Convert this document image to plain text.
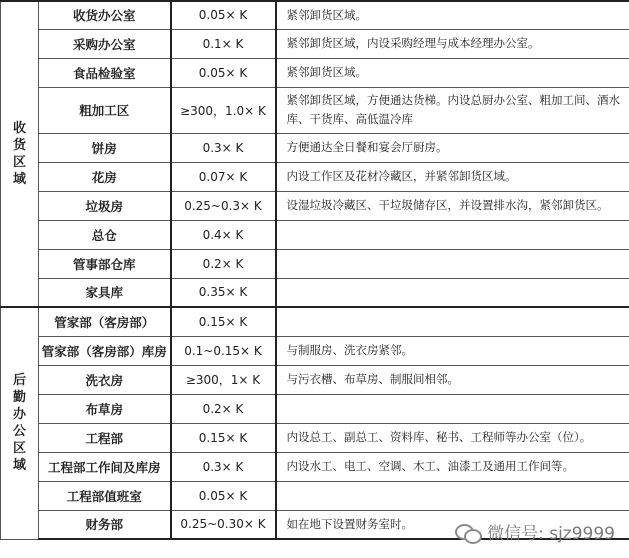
收货区域	收货办公室	0.05× K	紧邻卸货区域。
	采购办公室	0.1× K	紧邻卸货区域，内设采购经理与成本经理办公室。
	食品检验室	0.05× K	紧邻卸货区域。
	粗加工区	≥300，1.0× K	紧邻卸货区域，方便通达货梯。内设总厨办公室、粗加工间、酒水库、干货库、高低温冷库
	饼房	0.3× K	方便通达全日餐和宴会厅厨房。
	花房	0.07× K	内设工作区及花材冷藏区，并紧邻卸货区域。
	垃圾房	0.25~0.3× K	设湿垃圾冷藏区、干垃圾储存区，并设置排水沟，紧邻卸货区。
	总仓	0.4× K	
	管事部仓库	0.2× K	
	家具库	0.35× K	
后勤办公区域	管家部（客房部）	0.15× K	
	管家部（客房部）库房	0.1~0.15× K	与制服房、洗衣房紧邻。
	洗衣房	≥300，1× K	与污衣槽、布草房、制服间相邻。
	布草房	0.2× K	
	工程部	0.15× K	内设总工、副总工、资料库、秘书、工程师等办公室（位）。
	工程部工作间及库房	0.3× K	内设水工、电工、空调、木工、油漆工及通用工作间等。
	工程部值班室	0.05× K	
	财务部	0.25~0.30× K	如在地下设置财务室时。
微信号: sjz9999
